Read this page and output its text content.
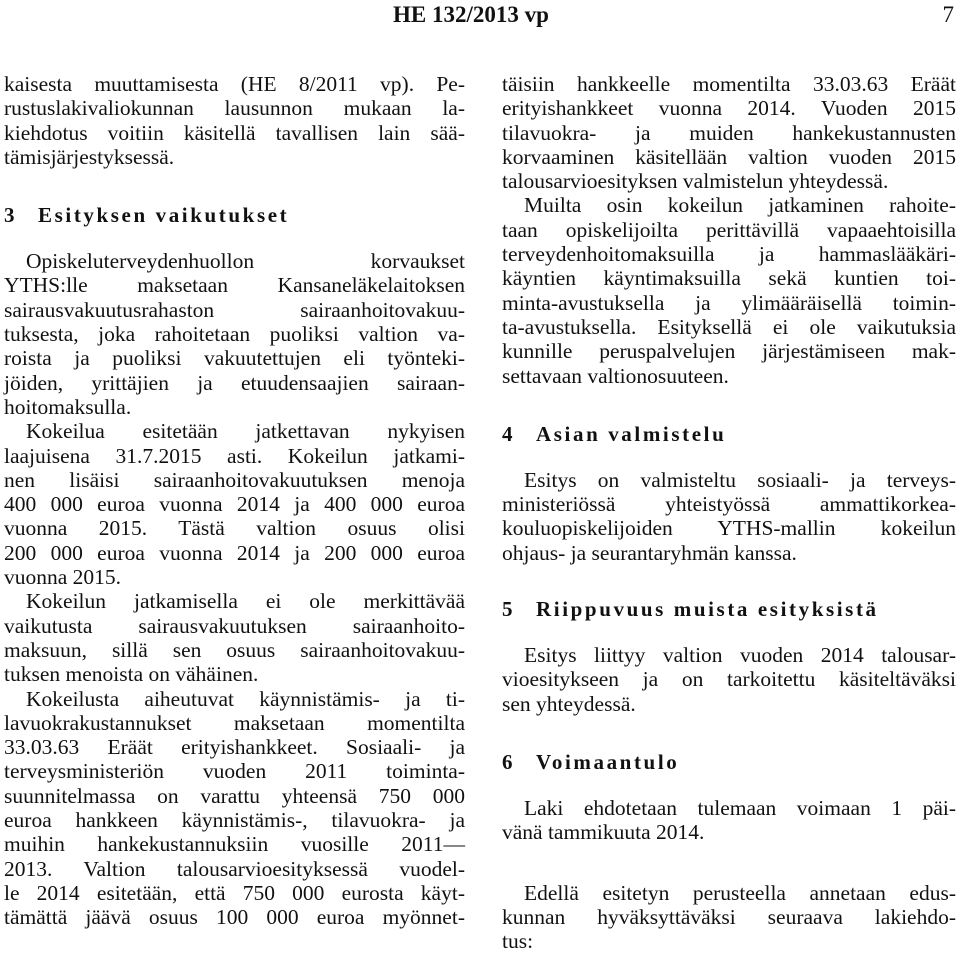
HE 132/2013 vp	7
kaisesta muuttamisesta (HE 8/2011 vp). Pe-
rustuslakivaliokunnan lausunnon mukaan la-
kiehdotus voitiin käsitellä tavallisen lain sää-
tämisjärjestyksessä.
3 Esityksen vaikutukset
Opiskeluterveydenhuollon korvaukset
YTHS:lle maksetaan Kansaneläkelaitoksen
sairausvakuutusrahaston sairaanhoitovakuu-
tuksesta, joka rahoitetaan puoliksi valtion va-
roista ja puoliksi vakuutettujen eli työnteki-
jöiden, yrittäjien ja etuudensaajien sairaan-
hoitomaksulla.
Kokeilua esitetään jatkettavan nykyisen
laajuisena 31.7.2015 asti. Kokeilun jatkami-
nen lisäisi sairaanhoitovakuutuksen menoja
400 000 euroa vuonna 2014 ja 400 000 euroa
vuonna 2015. Tästä valtion osuus olisi
200 000 euroa vuonna 2014 ja 200 000 euroa
vuonna 2015.
Kokeilun jatkamisella ei ole merkittävää
vaikutusta sairausvakuutuksen sairaanhoito-
maksuun, sillä sen osuus sairaanhoitovakuu-
tuksen menoista on vähäinen.
Kokeilusta aiheutuvat käynnistämis- ja ti-
lavuokrakustannukset maksetaan momentilta
33.03.63 Eräät erityishankkeet. Sosiaali- ja
terveysministeriön vuoden 2011 toiminta-
suunnitelmassa on varattu yhteensä 750 000
euroa hankkeen käynnistämis-, tilavuokra- ja
muihin hankekustannuksiin vuosille 2011—
2013. Valtion talousarvioesityksessä vuodel-
le 2014 esitetään, että 750 000 eurosta käyt-
tämättä jäävä osuus 100 000 euroa myönnet-
täisiin hankkeelle momentilta 33.03.63 Eräät
erityishankkeet vuonna 2014. Vuoden 2015
tilavuokra- ja muiden hankekustannusten
korvaaminen käsitellään valtion vuoden 2015
talousarvioesityksen valmistelun yhteydessä.
Muilta osin kokeilun jatkaminen rahoite-
taan opiskelijoilta perittävillä vapaaehtoisilla
terveydenhoitomaksuilla ja hammaslääkäri-
käyntien käyntimaksuilla sekä kuntien toi-
minta-avustuksella ja ylimääräisellä toimin-
ta-avustuksella. Esityksellä ei ole vaikutuksia
kunnille peruspalvelujen järjestämiseen mak-
settavaan valtionosuuteen.
4 Asian valmistelu
Esitys on valmisteltu sosiaali- ja terveys-
ministeriössä yhteistyössä ammattikorkea-
kouluopiskelijoiden YTHS-mallin kokeilun
ohjaus- ja seurantaryhmän kanssa.
5 Riippuvuus muista esityksistä
Esitys liittyy valtion vuoden 2014 talousar-
vioesitykseen ja on tarkoitettu käsiteltäväksi
sen yhteydessä.
6 Voimaantulo
Laki ehdotetaan tulemaan voimaan 1 päi-
vänä tammikuuta 2014.
Edellä esitetyn perusteella annetaan edus-
kunnan hyväksyttäväksi seuraava lakiehdo-
tus:
